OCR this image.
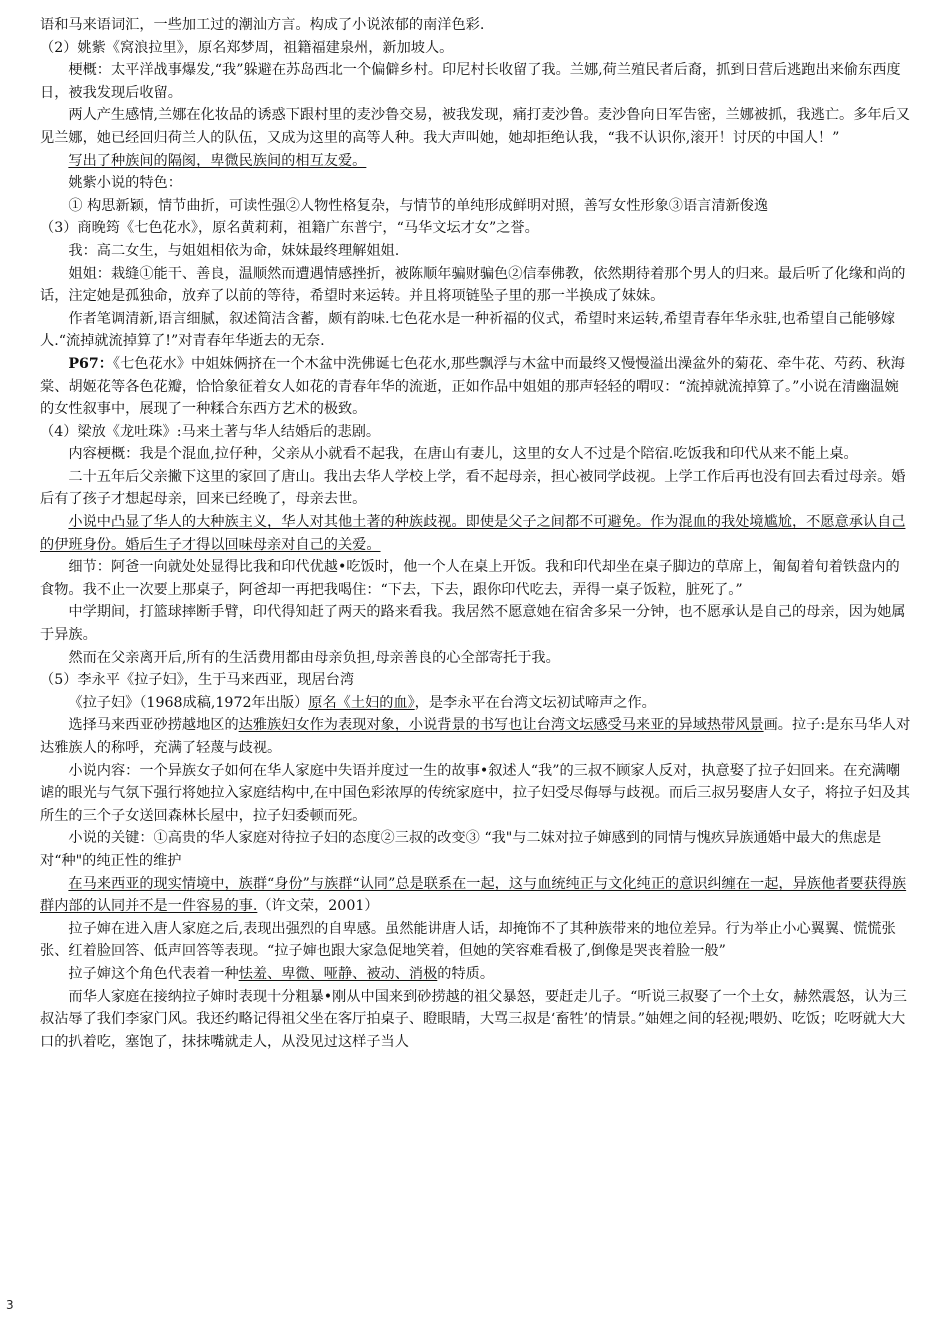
语和马来语词汇，一些加工过的潮汕方言。构成了小说浓郁的南洋色彩.

（2）姚紫《窝浪拉里》，原名郑梦周，祖籍福建泉州，新加坡人。

梗概：太平洋战事爆发,“我”躲避在苏岛西北一个偏僻乡村。印尼村长收留了我。兰娜,荷兰殖民者后裔，抓到日营后逃跑出来偷东西度日，被我发现后收留。

两人产生感情,兰娜在化妆品的诱惑下跟村里的麦沙鲁交易，被我发现，痛打麦沙鲁。麦沙鲁向日军告密，兰娜被抓，我逃亡。多年后又见兰娜，她已经回归荷兰人的队伍，又成为这里的高等人种。我大声叫她，她却拒绝认我，“我不认识你,滚开！讨厌的中国人！”

写出了种族间的隔阂，卑微民族间的相互友爱。

姚紫小说的特色：

① 构思新颖，情节曲折，可读性强②人物性格复杂，与情节的单纯形成鲜明对照，善写女性形象③语言清新俊逸

（3）商晚筠《七色花水》，原名黄莉莉，祖籍广东普宁，“马华文坛才女”之誉。

我：高二女生，与姐姐相依为命，妹妹最终理解姐姐.

姐姐：栽缝①能干、善良，温顺然而遭遇情感挫折，被陈顺年骗财骗色②信奉佛教，依然期待着那个男人的归来。最后听了化缘和尚的话，注定她是孤独命，放弃了以前的等待，希望时来运转。并且将项链坠子里的那一半换成了妹妹。

作者笔调清新,语言细腻，叙述简洁含蓄，颇有韵味.七色花水是一种祈福的仪式，希望时来运转,希望青春年华永驻,也希望自己能够嫁人.“流掉就流掉算了!”对青春年华逝去的无奈.

P67：《七色花水》中姐妹俩挤在一个木盆中洗佛诞七色花水,那些飘浮与木盆中而最终又慢慢溢出澡盆外的菊花、牵牛花、芍药、秋海棠、胡姬花等各色花瓣，恰恰象征着女人如花的青春年华的流逝，正如作品中姐姐的那声轻轻的喟叹：“流掉就流掉算了。”小说在清幽温婉的女性叙事中，展现了一种糅合东西方艺术的极致。

（4）梁放《龙吐珠》:马来土著与华人结婚后的悲剧。

内容梗概：我是个混血,拉仔种，父亲从小就看不起我，在唐山有妻儿，这里的女人不过是个陪宿.吃饭我和印代从来不能上桌。

二十五年后父亲撇下这里的家回了唐山。我出去华人学校上学，看不起母亲，担心被同学歧视。上学工作后再也没有回去看过母亲。婚后有了孩子才想起母亲，回来已经晚了，母亲去世。

小说中凸显了华人的大种族主义，华人对其他土著的种族歧视。即使是父子之间都不可避免。作为混血的我处境尴尬，不愿意承认自己的伊班身份。婚后生子才得以回味母亲对自己的关爱。

细节：阿爸一向就处处显得比我和印代优越•吃饭时，他一个人在桌上开饭。我和印代却坐在桌子脚边的草席上，匍匐着旬着铁盘内的食物。我不止一次要上那桌子，阿爸却一再把我喝住：“下去，下去，跟你印代吃去，弄得一桌子饭粒，脏死了。”

中学期间，打篮球摔断手臂，印代得知赶了两天的路来看我。我居然不愿意她在宿舍多呆一分钟，也不愿承认是自己的母亲，因为她属于异族。

然而在父亲离开后,所有的生活费用都由母亲负担,母亲善良的心全部寄托于我。

（5）李永平《拉子妇》，生于马来西亚，现居台湾

《拉子妇》（1968成稿,1972年出版）原名《土妇的血》，是李永平在台湾文坛初试啼声之作。

选择马来西亚砂捞越地区的达雅族妇女作为表现对象，小说背景的书写也让台湾文坛感受马来亚的异域热带风景画。拉子:是东马华人对达雅族人的称呼，充满了轻蔑与歧视。

小说内容：一个异族女子如何在华人家庭中失语并度过一生的故事•叙述人“我”的三叔不顾家人反对，执意娶了拉子妇回来。在充满嘲谑的眼光与气氛下强行将她拉入家庭结构中,在中国色彩浓厚的传统家庭中，拉子妇受尽侮辱与歧视。而后三叔另娶唐人女子，将拉子妇及其所生的三个子女送回森林长屋中，拉子妇委顿而死。

小说的关键：①高贵的华人家庭对待拉子妇的态度②三叔的改变③ “我"与二妹对拉子婶感到的同情与愧疚异族通婚中最大的焦虑是对“种"的纯正性的维护

在马来西亚的现实情境中，族群“身份”与族群“认同”总是联系在一起，这与血统纯正与文化纯正的意识纠缠在一起，异族他者要获得族群内部的认同并不是一件容易的事.（许文荣，2001）

拉子婶在进入唐人家庭之后,表现出强烈的自卑感。虽然能讲唐人话，却掩饰不了其种族带来的地位差异。行为举止小心翼翼、慌慌张张、红着脸回答、低声回答等表现。“拉子婶也跟大家急促地笑着，但她的笑容难看极了,倒像是哭丧着脸一般”

拉子婶这个角色代表着一种怯羞、卑微、哑静、被动、消极的特质。

而华人家庭在接纳拉子婶时表现十分粗暴•刚从中国来到砂捞越的祖父暴怒，要赶走儿子。“听说三叔娶了一个土女，赫然震怒，认为三叔沾辱了我们李家门风。我还约略记得祖父坐在客厅拍桌子、瞪眼睛，大骂三叔是‘畜牲’的情景。”妯娌之间的轻视;喂奶、吃饭；吃呀就大大口的扒着吃，塞饱了，抹抹嘴就走人，从没见过这样子当人

3
